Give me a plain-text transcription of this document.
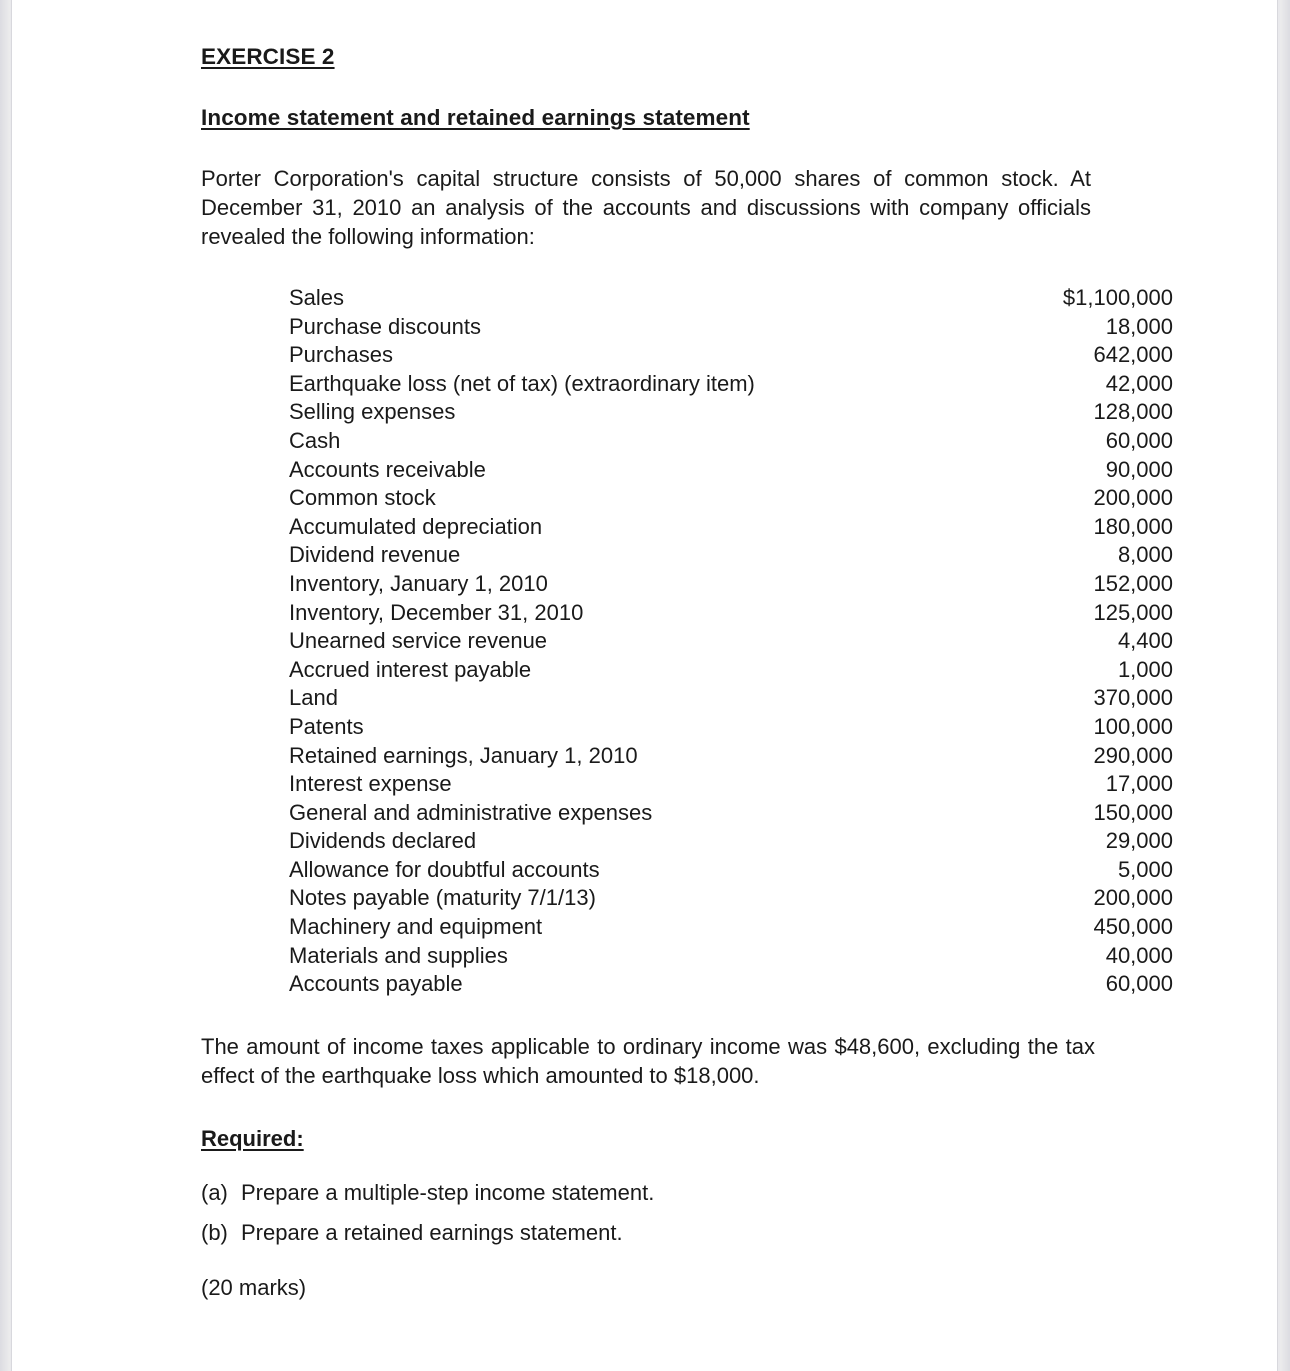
EXERCISE 2
Income statement and retained earnings statement

Porter Corporation's capital structure consists of 50,000 shares of common stock. At December 31, 2010 an analysis of the accounts and discussions with company officials revealed the following information:

Sales	$1,100,000
Purchase discounts	18,000
Purchases	642,000
Earthquake loss (net of tax) (extraordinary item)	42,000
Selling expenses	128,000
Cash	60,000
Accounts receivable	90,000
Common stock	200,000
Accumulated depreciation	180,000
Dividend revenue	8,000
Inventory, January 1, 2010	152,000
Inventory, December 31, 2010	125,000
Unearned service revenue	4,400
Accrued interest payable	1,000
Land	370,000
Patents	100,000
Retained earnings, January 1, 2010	290,000
Interest expense	17,000
General and administrative expenses	150,000
Dividends declared	29,000
Allowance for doubtful accounts	5,000
Notes payable (maturity 7/1/13)	200,000
Machinery and equipment	450,000
Materials and supplies	40,000
Accounts payable	60,000

The amount of income taxes applicable to ordinary income was $48,600, excluding the tax effect of the earthquake loss which amounted to $18,000.

Required:
(a) Prepare a multiple-step income statement.
(b) Prepare a retained earnings statement.

(20 marks)
